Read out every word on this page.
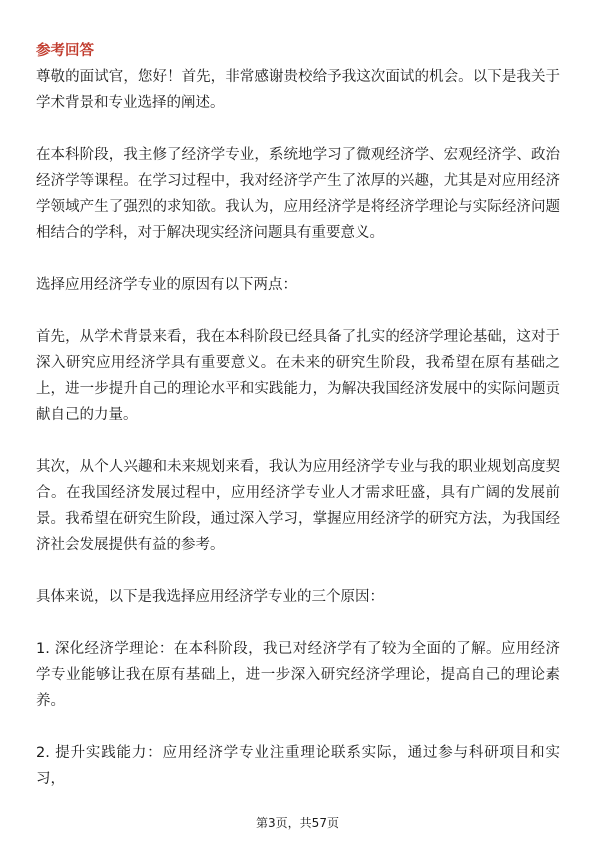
参考回答

尊敬的面试官，您好！首先，非常感谢贵校给予我这次面试的机会。以下是我关于学术背景和专业选择的阐述。

在本科阶段，我主修了经济学专业，系统地学习了微观经济学、宏观经济学、政治经济学等课程。在学习过程中，我对经济学产生了浓厚的兴趣，尤其是对应用经济学领域产生了强烈的求知欲。我认为，应用经济学是将经济学理论与实际经济问题相结合的学科，对于解决现实经济问题具有重要意义。

选择应用经济学专业的原因有以下两点：

首先，从学术背景来看，我在本科阶段已经具备了扎实的经济学理论基础，这对于深入研究应用经济学具有重要意义。在未来的研究生阶段，我希望在原有基础之上，进一步提升自己的理论水平和实践能力，为解决我国经济发展中的实际问题贡献自己的力量。

其次，从个人兴趣和未来规划来看，我认为应用经济学专业与我的职业规划高度契合。在我国经济发展过程中，应用经济学专业人才需求旺盛，具有广阔的发展前景。我希望在研究生阶段，通过深入学习，掌握应用经济学的研究方法，为我国经济社会发展提供有益的参考。

具体来说，以下是我选择应用经济学专业的三个原因：

1. 深化经济学理论：在本科阶段，我已对经济学有了较为全面的了解。应用经济学专业能够让我在原有基础上，进一步深入研究经济学理论，提高自己的理论素养。

2. 提升实践能力：应用经济学专业注重理论联系实际，通过参与科研项目和实习，

第3页，共57页
